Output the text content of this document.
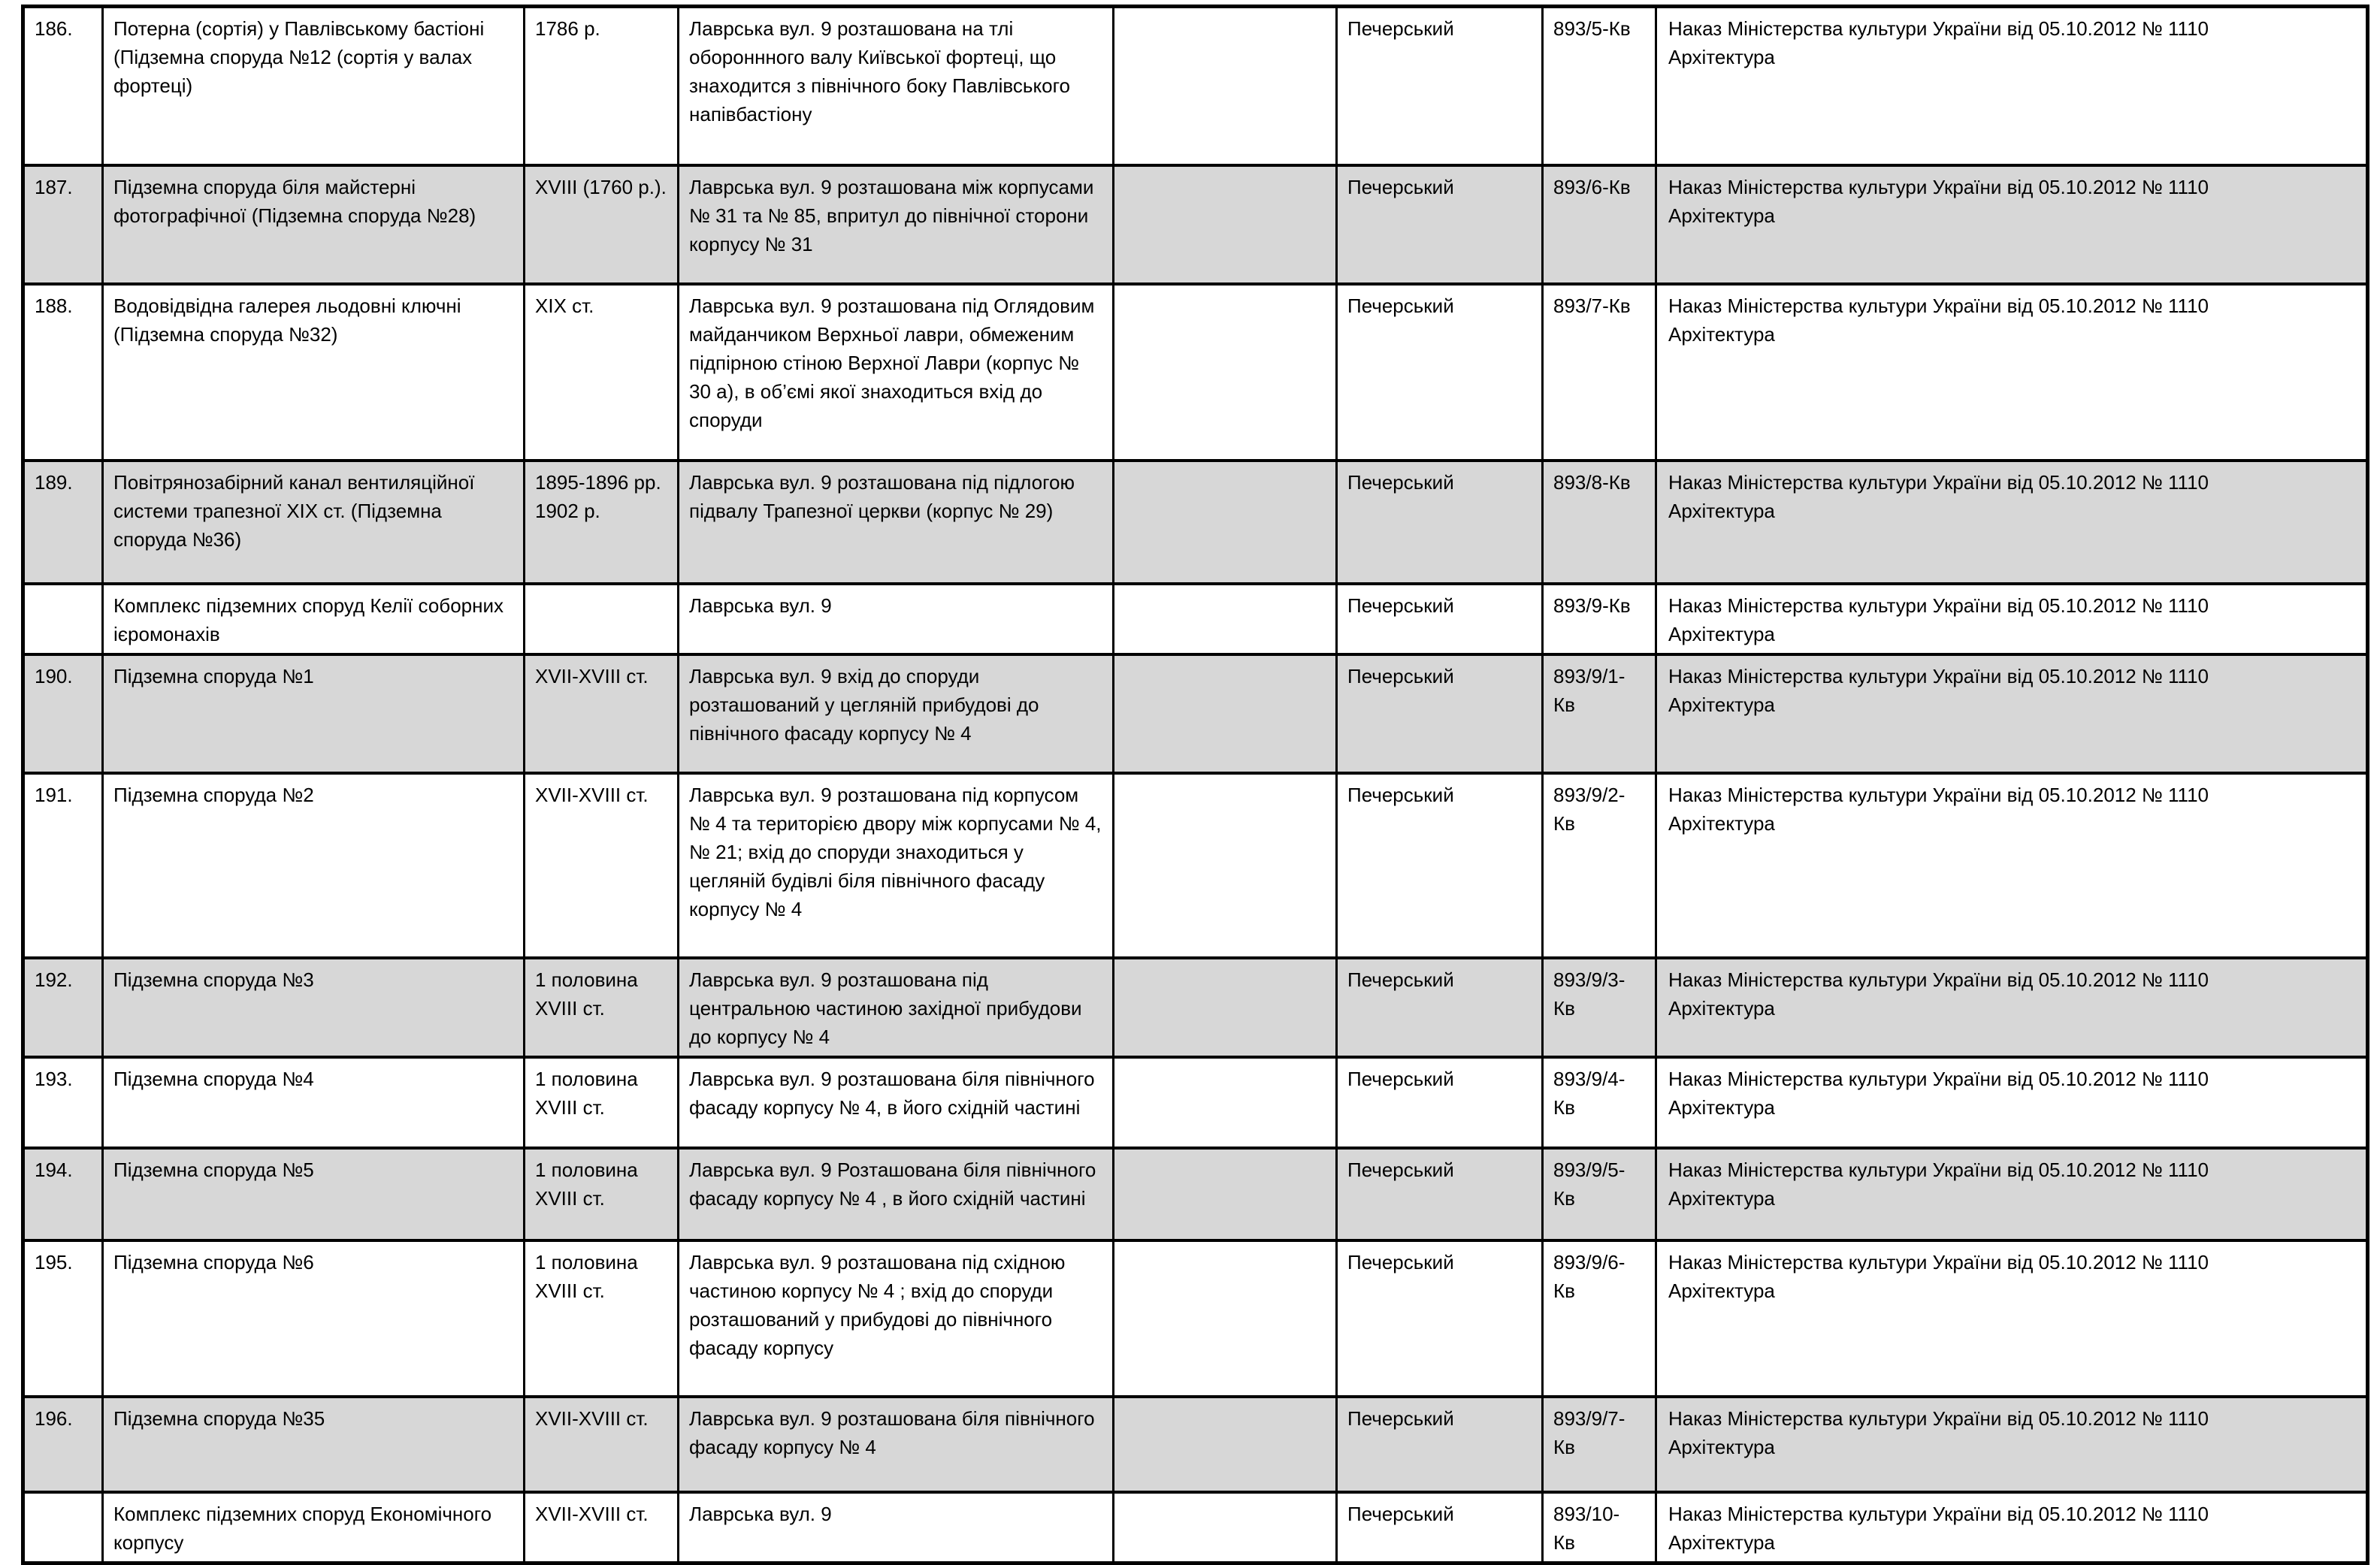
186.	Потерна (сортія) у Павлівському бастіоні (Підземна споруда №12 (сортія у валах фортеці)	1786 р.	Лаврська вул. 9 розташована на тлі обороннного валу Київської фортеці, що знаходится з північного боку Павлівського напівбастіону		Печерський	893/5-Кв	Наказ Міністерства культури України від 05.10.2012 № 1110
Архітектура

187.	Підземна споруда біля майстерні фотографічної (Підземна споруда №28)	XVIII (1760 р.).	Лаврська вул. 9 розташована між корпусами № 31 та № 85, впритул до північної сторони корпусу № 31		Печерський	893/6-Кв	Наказ Міністерства культури України від 05.10.2012 № 1110
Архітектура

188.	Водовідвідна галерея льодовні ключні (Підземна споруда №32)	XIX ст.	Лаврська вул. 9 розташована під Оглядовим майданчиком Верхньої лаври, обмеженим підпірною стіною Верхної Лаври (корпус № 30 а), в об’ємі якої знаходиться вхід до споруди		Печерський	893/7-Кв	Наказ Міністерства культури України від 05.10.2012 № 1110
Архітектура

189.	Повітрянозабірний канал вентиляційної системи трапезної XIX ст. (Підземна споруда №36)	1895-1896 рр. 1902 р.	Лаврська вул. 9 розташована під підлогою підвалу Трапезної церкви (корпус № 29)		Печерський	893/8-Кв	Наказ Міністерства культури України від 05.10.2012 № 1110
Архітектура

	Комплекс підземних споруд Келії соборних ієромонахів		Лаврська вул. 9		Печерський	893/9-Кв	Наказ Міністерства культури України від 05.10.2012 № 1110
Архітектура

190.	Підземна споруда №1	XVII-XVIII ст.	Лаврська вул. 9 вхід до споруди розташований у цегляній прибудові до північного фасаду корпусу № 4		Печерський	893/9/1-Кв	Наказ Міністерства культури України від 05.10.2012 № 1110
Архітектура

191.	Підземна споруда №2	XVII-XVIII ст.	Лаврська вул. 9 розташована під корпусом № 4 та територією двору між корпусами № 4, № 21; вхід до споруди знаходиться у цегляній будівлі біля північного фасаду корпусу № 4		Печерський	893/9/2-Кв	Наказ Міністерства культури України від 05.10.2012 № 1110
Архітектура

192.	Підземна споруда №3	1 половина XVIII ст.	Лаврська вул. 9 розташована під центральною частиною західної прибудови до корпусу № 4		Печерський	893/9/3-Кв	Наказ Міністерства культури України від 05.10.2012 № 1110
Архітектура

193.	Підземна споруда №4	1 половина XVIII ст.	Лаврська вул. 9 розташована біля північного фасаду корпусу № 4, в його східній частині		Печерський	893/9/4-Кв	Наказ Міністерства культури України від 05.10.2012 № 1110
Архітектура

194.	Підземна споруда №5	1 половина XVIII ст.	Лаврська вул. 9 Розташована біля північного фасаду корпусу № 4 , в його східній частині		Печерський	893/9/5-Кв	Наказ Міністерства культури України від 05.10.2012 № 1110
Архітектура

195.	Підземна споруда №6	1 половина XVIII ст.	Лаврська вул. 9 розташована під східною частиною корпусу № 4 ; вхід до споруди розташований у прибудові до північного фасаду корпусу		Печерський	893/9/6-Кв	Наказ Міністерства культури України від 05.10.2012 № 1110
Архітектура

196.	Підземна споруда №35	XVII-XVIII ст.	Лаврська вул. 9 розташована біля північного фасаду корпусу № 4		Печерський	893/9/7-Кв	Наказ Міністерства культури України від 05.10.2012 № 1110
Архітектура

	Комплекс підземних споруд Економічного корпусу	XVII-XVIII ст.	Лаврська вул. 9		Печерський	893/10-Кв	Наказ Міністерства культури України від 05.10.2012 № 1110
Архітектура
